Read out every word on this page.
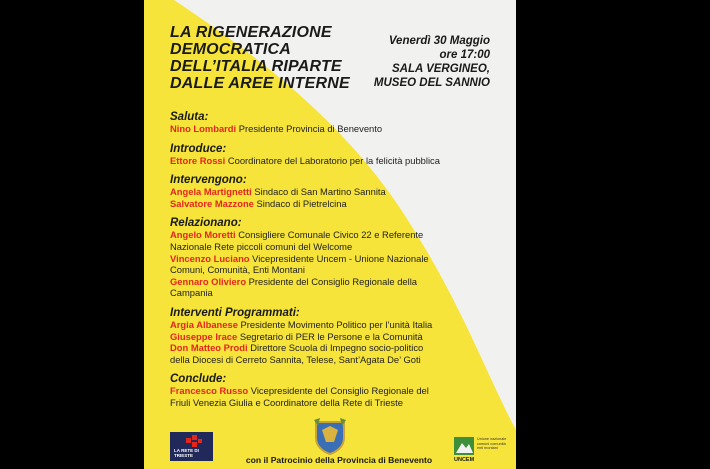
LA RIGENERAZIONE
DEMOCRATICA
DELL’ITALIA RIPARTE
DALLE AREE INTERNE
Venerdì 30 Maggio
ore 17:00
SALA VERGINEO,
MUSEO DEL SANNIO
Saluta:
Nino Lombardi Presidente Provincia di Benevento
Introduce:
Ettore Rossi Coordinatore del Laboratorio per la felicità pubblica
Intervengono:
Angela Martignetti Sindaco di San Martino Sannita
Salvatore Mazzone Sindaco di Pietrelcina
Relazionano:
Angelo Moretti Consigliere Comunale Civico 22 e Referente
Nazionale Rete piccoli comuni del Welcome
Vincenzo Luciano Vicepresidente Uncem - Unione Nazionale
Comuni, Comunità, Enti Montani
Gennaro Oliviero Presidente del Consiglio Regionale della
Campania
Interventi Programmati:
Argia Albanese Presidente Movimento Politico per l’unità Italia
Giuseppe Irace Segretario di PER le Persone e la Comunità
Don Matteo Prodi Direttore Scuola di Impegno socio-politico
della Diocesi di Cerreto Sannita, Telese, Sant’Agata De’ Goti
Conclude:
Francesco Russo Vicepresidente del Consiglio Regionale del
Friuli Venezia Giulia e Coordinatore della Rete di Trieste
LA RETE DI TRIESTE	con il Patrocinio della Provincia di Benevento
Unione nazionale comuni comunità enti montani
UNCEM
